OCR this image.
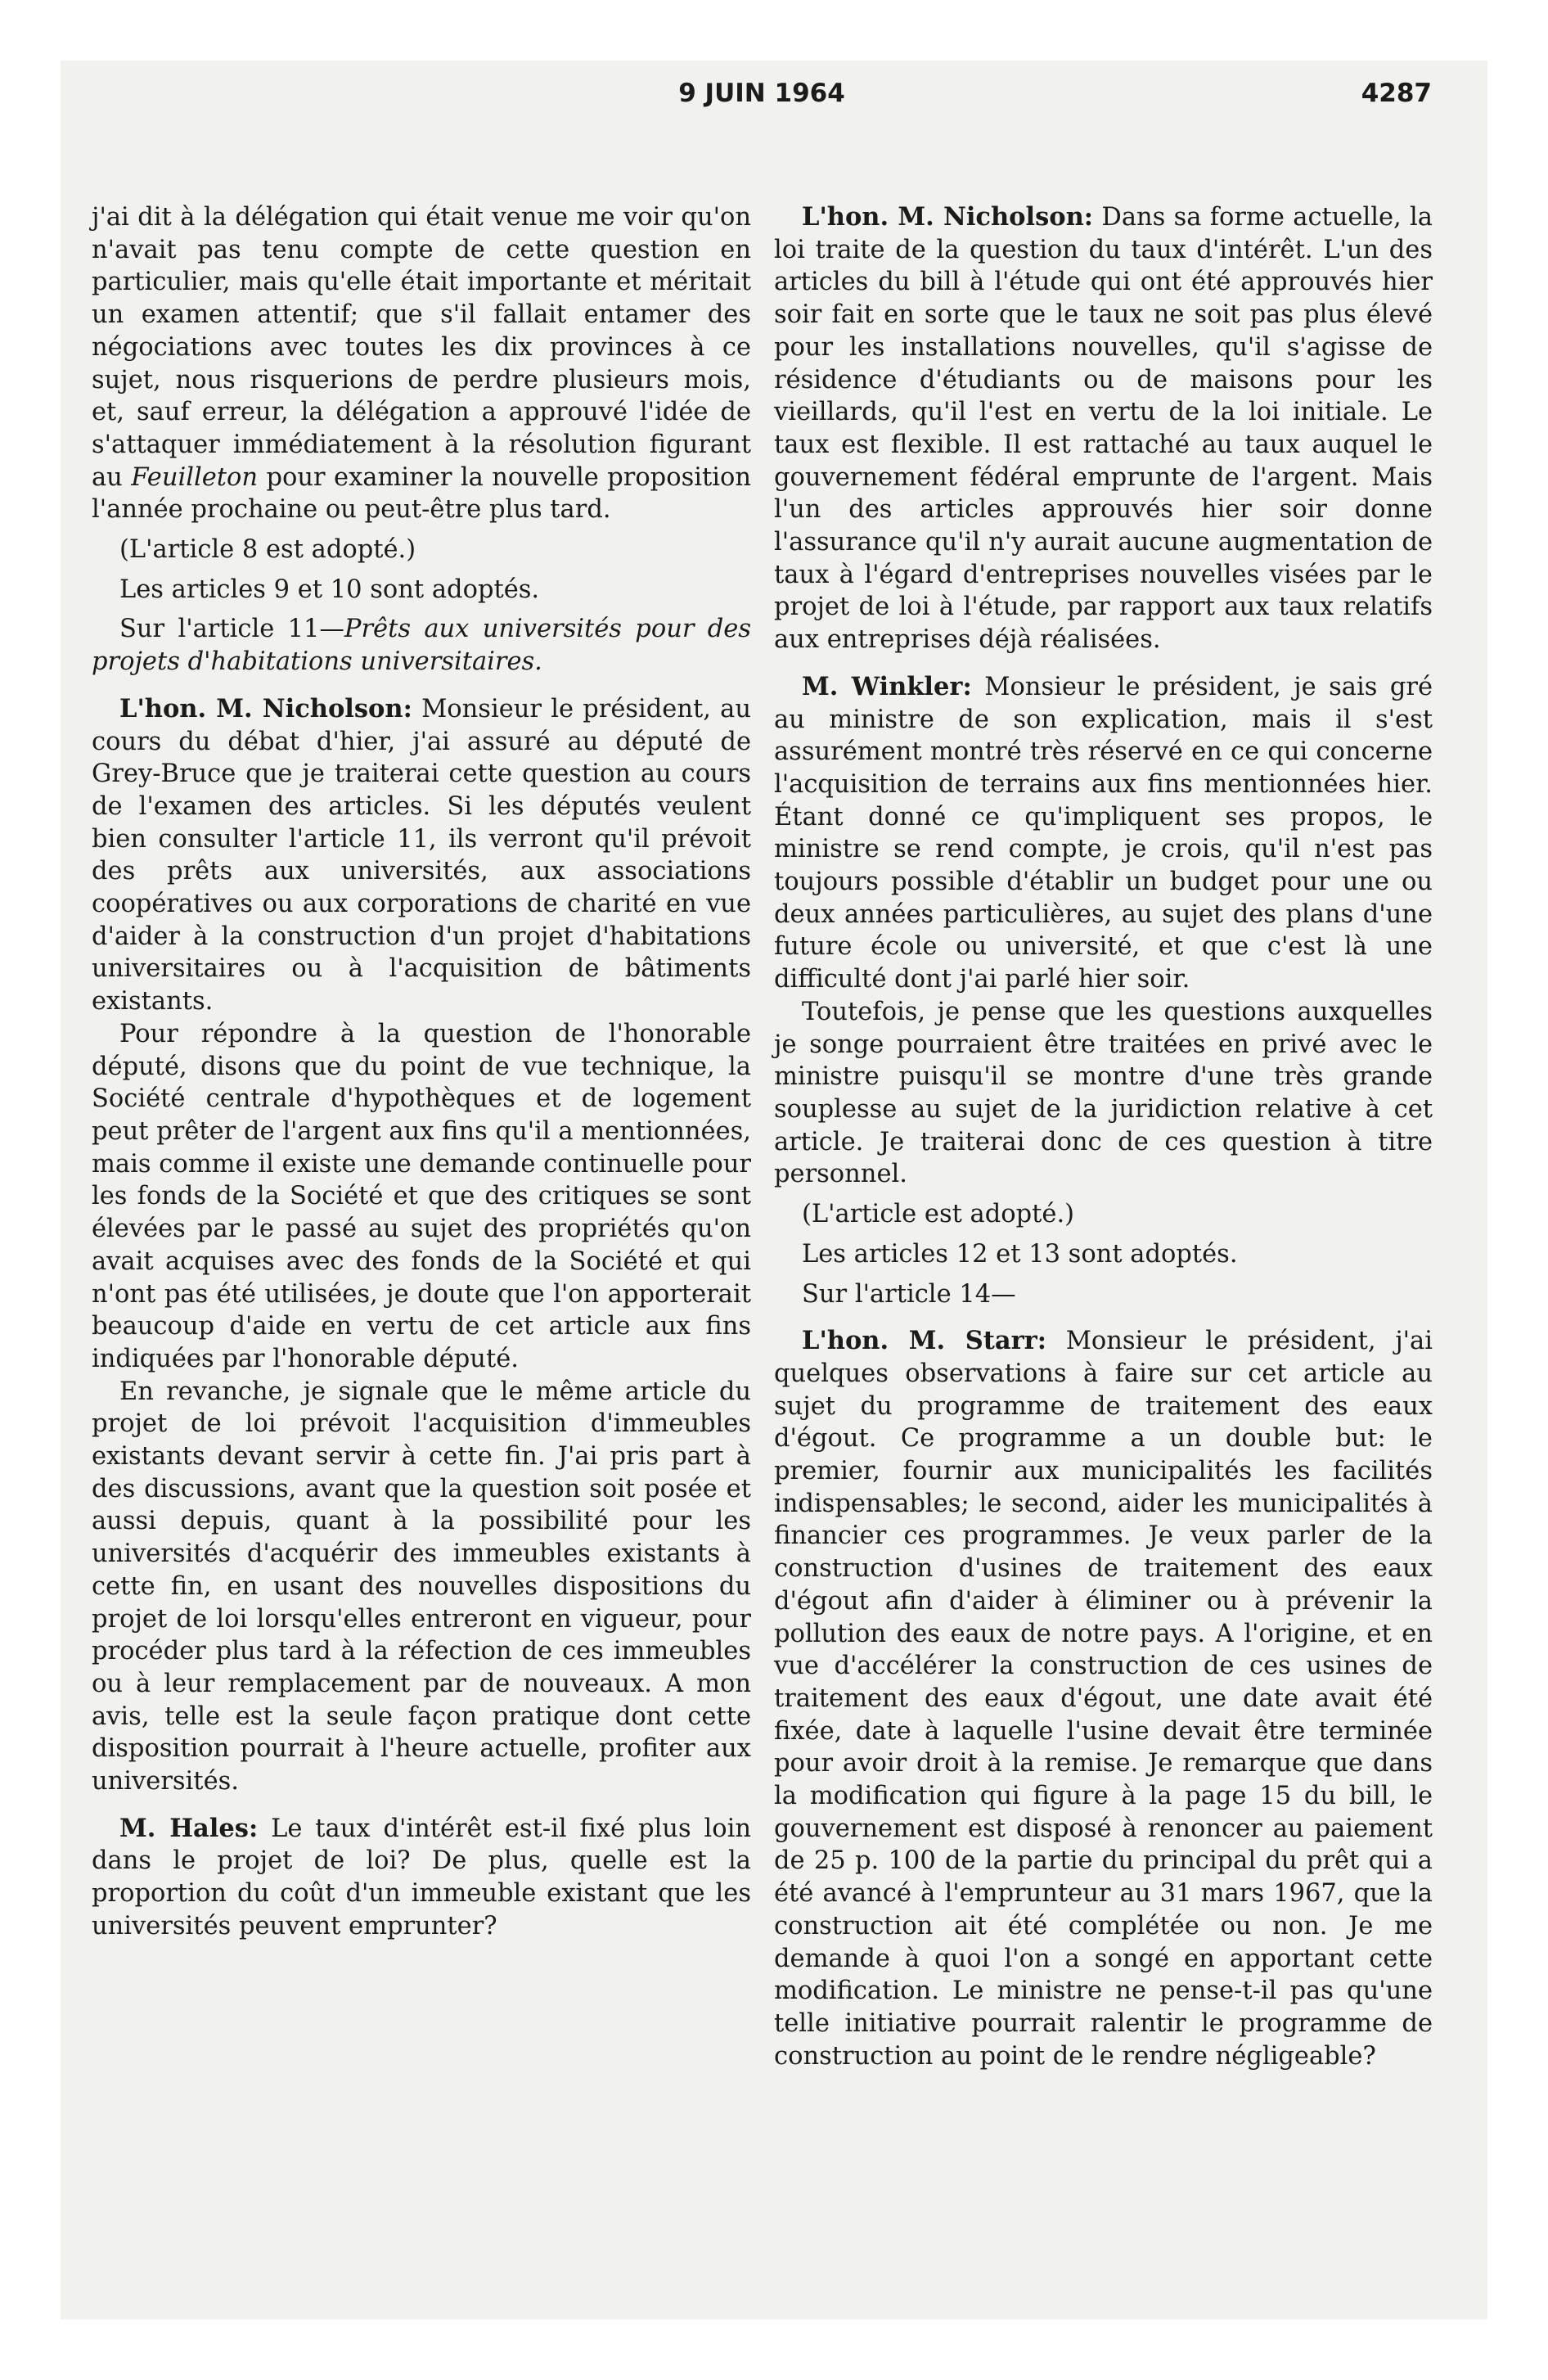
9 JUIN 1964	4287

j'ai dit à la délégation qui était venue me voir qu'on n'avait pas tenu compte de cette question en particulier, mais qu'elle était importante et méritait un examen attentif; que s'il fallait entamer des négociations avec toutes les dix provinces à ce sujet, nous risquerions de perdre plusieurs mois, et, sauf erreur, la délégation a approuvé l'idée de s'attaquer immédiatement à la résolution figurant au Feuilleton pour examiner la nouvelle proposition l'année prochaine ou peut-être plus tard.

(L'article 8 est adopté.)

Les articles 9 et 10 sont adoptés.

Sur l'article 11—Prêts aux universités pour des projets d'habitations universitaires.

L'hon. M. Nicholson: Monsieur le président, au cours du débat d'hier, j'ai assuré au député de Grey-Bruce que je traiterai cette question au cours de l'examen des articles. Si les députés veulent bien consulter l'article 11, ils verront qu'il prévoit des prêts aux universités, aux associations coopératives ou aux corporations de charité en vue d'aider à la construction d'un projet d'habitations universitaires ou à l'acquisition de bâtiments existants.

Pour répondre à la question de l'honorable député, disons que du point de vue technique, la Société centrale d'hypothèques et de logement peut prêter de l'argent aux fins qu'il a mentionnées, mais comme il existe une demande continuelle pour les fonds de la Société et que des critiques se sont élevées par le passé au sujet des propriétés qu'on avait acquises avec des fonds de la Société et qui n'ont pas été utilisées, je doute que l'on apporterait beaucoup d'aide en vertu de cet article aux fins indiquées par l'honorable député.

En revanche, je signale que le même article du projet de loi prévoit l'acquisition d'immeubles existants devant servir à cette fin. J'ai pris part à des discussions, avant que la question soit posée et aussi depuis, quant à la possibilité pour les universités d'acquérir des immeubles existants à cette fin, en usant des nouvelles dispositions du projet de loi lorsqu'elles entreront en vigueur, pour procéder plus tard à la réfection de ces immeubles ou à leur remplacement par de nouveaux. A mon avis, telle est la seule façon pratique dont cette disposition pourrait à l'heure actuelle, profiter aux universités.

M. Hales: Le taux d'intérêt est-il fixé plus loin dans le projet de loi? De plus, quelle est la proportion du coût d'un immeuble existant que les universités peuvent emprunter?

L'hon. M. Nicholson: Dans sa forme actuelle, la loi traite de la question du taux d'intérêt. L'un des articles du bill à l'étude qui ont été approuvés hier soir fait en sorte que le taux ne soit pas plus élevé pour les installations nouvelles, qu'il s'agisse de résidence d'étudiants ou de maisons pour les vieillards, qu'il l'est en vertu de la loi initiale. Le taux est flexible. Il est rattaché au taux auquel le gouvernement fédéral emprunte de l'argent. Mais l'un des articles approuvés hier soir donne l'assurance qu'il n'y aurait aucune augmentation de taux à l'égard d'entreprises nouvelles visées par le projet de loi à l'étude, par rapport aux taux relatifs aux entreprises déjà réalisées.

M. Winkler: Monsieur le président, je sais gré au ministre de son explication, mais il s'est assurément montré très réservé en ce qui concerne l'acquisition de terrains aux fins mentionnées hier. Étant donné ce qu'impliquent ses propos, le ministre se rend compte, je crois, qu'il n'est pas toujours possible d'établir un budget pour une ou deux années particulières, au sujet des plans d'une future école ou université, et que c'est là une difficulté dont j'ai parlé hier soir.

Toutefois, je pense que les questions auxquelles je songe pourraient être traitées en privé avec le ministre puisqu'il se montre d'une très grande souplesse au sujet de la juridiction relative à cet article. Je traiterai donc de ces question à titre personnel.

(L'article est adopté.)

Les articles 12 et 13 sont adoptés.

Sur l'article 14—

L'hon. M. Starr: Monsieur le président, j'ai quelques observations à faire sur cet article au sujet du programme de traitement des eaux d'égout. Ce programme a un double but: le premier, fournir aux municipalités les facilités indispensables; le second, aider les municipalités à financier ces programmes. Je veux parler de la construction d'usines de traitement des eaux d'égout afin d'aider à éliminer ou à prévenir la pollution des eaux de notre pays. A l'origine, et en vue d'accélérer la construction de ces usines de traitement des eaux d'égout, une date avait été fixée, date à laquelle l'usine devait être terminée pour avoir droit à la remise. Je remarque que dans la modification qui figure à la page 15 du bill, le gouvernement est disposé à renoncer au paiement de 25 p. 100 de la partie du principal du prêt qui a été avancé à l'emprunteur au 31 mars 1967, que la construction ait été complétée ou non. Je me demande à quoi l'on a songé en apportant cette modification. Le ministre ne pense-t-il pas qu'une telle initiative pourrait ralentir le programme de construction au point de le rendre négligeable?
